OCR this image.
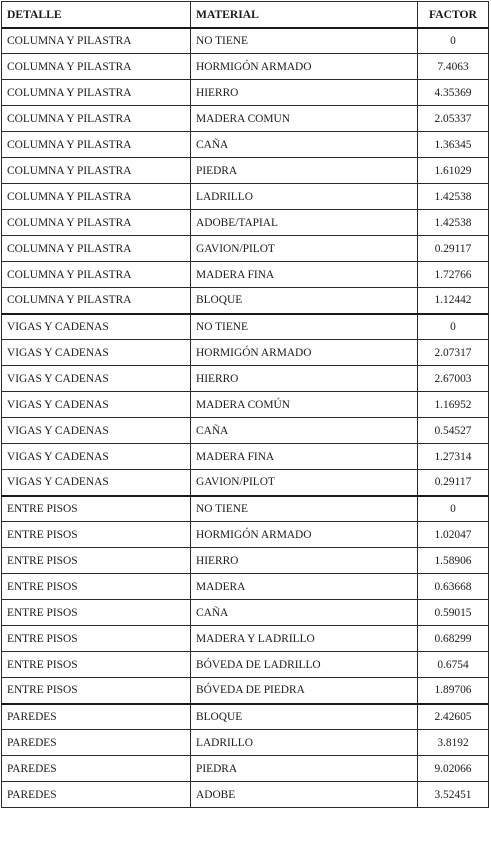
DETALLE	MATERIAL	FACTOR
COLUMNA Y PILASTRA	NO TIENE	0
COLUMNA Y PILASTRA	HORMIGÓN ARMADO	7.4063
COLUMNA Y PILASTRA	HIERRO	4.35369
COLUMNA Y PILASTRA	MADERA COMUN	2.05337
COLUMNA Y PILASTRA	CAÑA	1.36345
COLUMNA Y PILASTRA	PIEDRA	1.61029
COLUMNA Y PILASTRA	LADRILLO	1.42538
COLUMNA Y PILASTRA	ADOBE/TAPIAL	1.42538
COLUMNA Y PILASTRA	GAVION/PILOT	0.29117
COLUMNA Y PILASTRA	MADERA FINA	1.72766
COLUMNA Y PILASTRA	BLOQUE	1.12442
VIGAS Y CADENAS	NO TIENE	0
VIGAS Y CADENAS	HORMIGÓN ARMADO	2.07317
VIGAS Y CADENAS	HIERRO	2.67003
VIGAS Y CADENAS	MADERA COMÚN	1.16952
VIGAS Y CADENAS	CAÑA	0.54527
VIGAS Y CADENAS	MADERA FINA	1.27314
VIGAS Y CADENAS	GAVION/PILOT	0.29117
ENTRE PISOS	NO TIENE	0
ENTRE PISOS	HORMIGÓN ARMADO	1.02047
ENTRE PISOS	HIERRO	1.58906
ENTRE PISOS	MADERA	0.63668
ENTRE PISOS	CAÑA	0.59015
ENTRE PISOS	MADERA Y LADRILLO	0.68299
ENTRE PISOS	BÓVEDA DE LADRILLO	0.6754
ENTRE PISOS	BÓVEDA DE PIEDRA	1.89706
PAREDES	BLOQUE	2.42605
PAREDES	LADRILLO	3.8192
PAREDES	PIEDRA	9.02066
PAREDES	ADOBE	3.52451
